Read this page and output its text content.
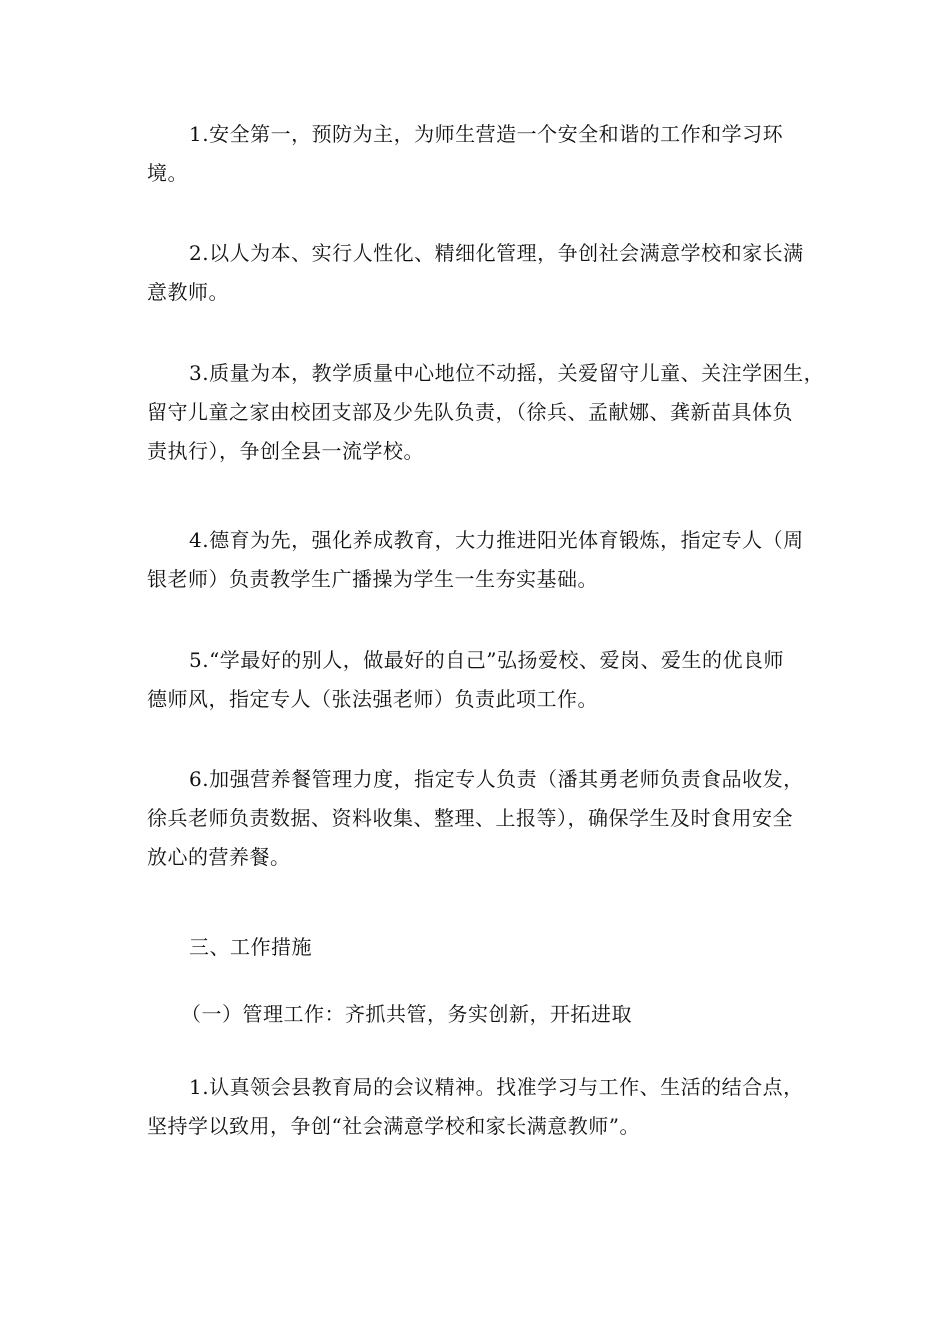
1.安全第一，预防为主，为师生营造一个安全和谐的工作和学习环
境。

2.以人为本、实行人性化、精细化管理，争创社会满意学校和家长满
意教师。

3.质量为本，教学质量中心地位不动摇，关爱留守儿童、关注学困生，
留守儿童之家由校团支部及少先队负责，（徐兵、孟献娜、龚新苗具体负
责执行），争创全县一流学校。

4.德育为先，强化养成教育，大力推进阳光体育锻炼，指定专人（周
银老师）负责教学生广播操为学生一生夯实基础。

5.“学最好的别人，做最好的自己”弘扬爱校、爱岗、爱生的优良师
德师风，指定专人（张法强老师）负责此项工作。

6.加强营养餐管理力度，指定专人负责（潘其勇老师负责食品收发，
徐兵老师负责数据、资料收集、整理、上报等），确保学生及时食用安全
放心的营养餐。

三、工作措施

（一）管理工作：齐抓共管，务实创新，开拓进取

1.认真领会县教育局的会议精神。找准学习与工作、生活的结合点，
坚持学以致用，争创“社会满意学校和家长满意教师”。
